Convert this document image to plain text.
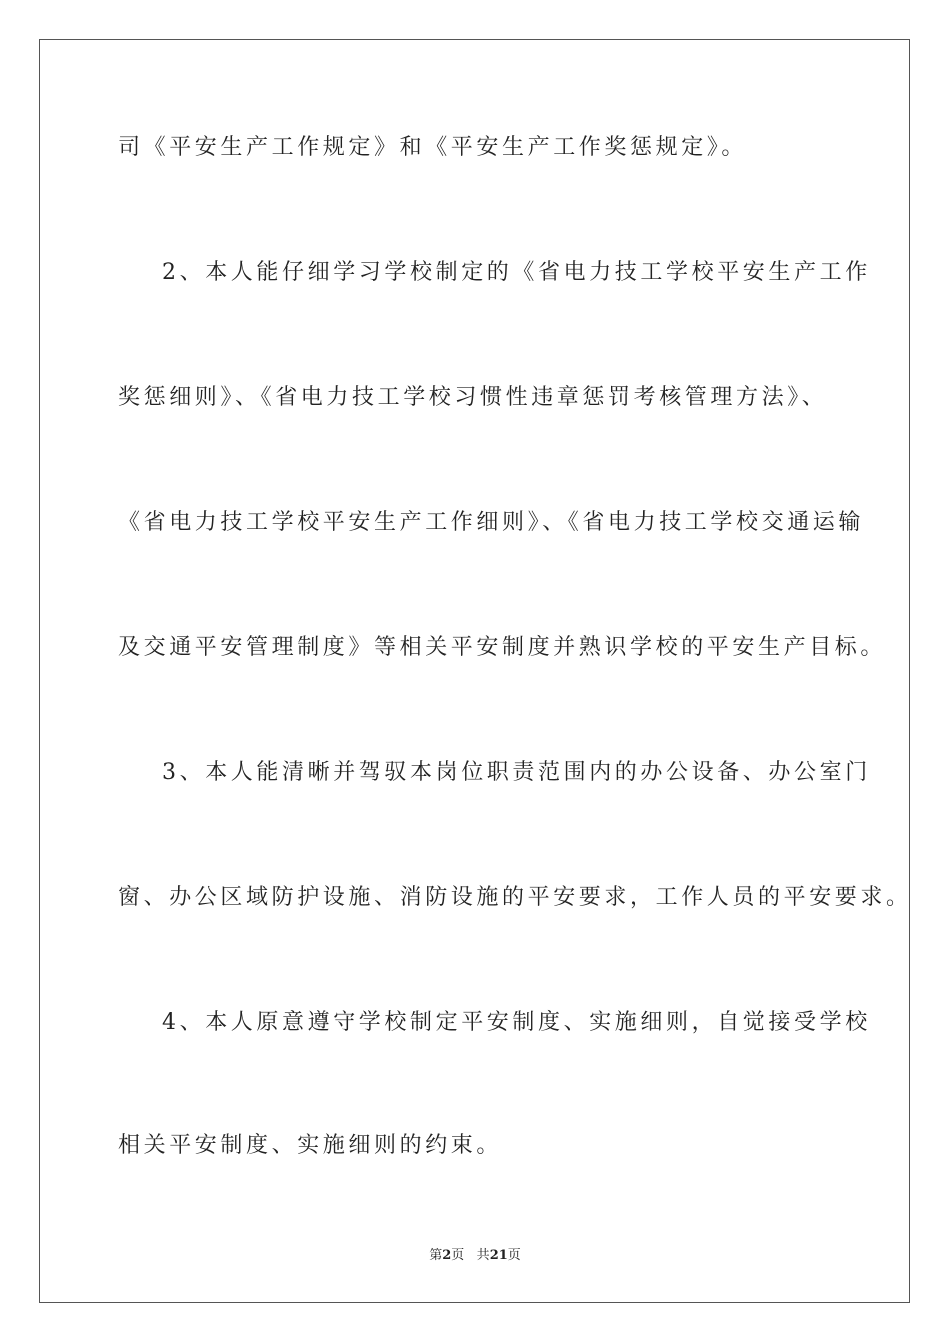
司《平安生产工作规定》和《平安生产工作奖惩规定》。
2、本人能仔细学习学校制定的《省电力技工学校平安生产工作
奖惩细则》、《省电力技工学校习惯性违章惩罚考核管理方法》、
《省电力技工学校平安生产工作细则》、《省电力技工学校交通运输
及交通平安管理制度》等相关平安制度并熟识学校的平安生产目标。
3、本人能清晰并驾驭本岗位职责范围内的办公设备、办公室门
窗、办公区域防护设施、消防设施的平安要求，工作人员的平安要求。
4、本人原意遵守学校制定平安制度、实施细则，自觉接受学校
相关平安制度、实施细则的约束。
第2页 共21页
